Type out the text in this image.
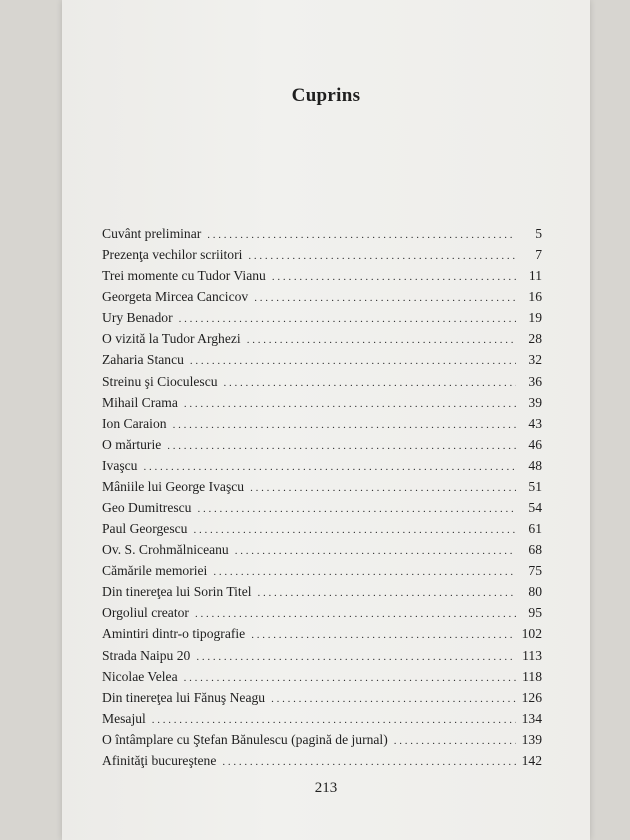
Cuprins
Cuvânt preliminar . . .	5
Prezenţa vechilor scriitori . . .	7
Trei momente cu Tudor Vianu . . .	11
Georgeta Mircea Cancicov . . .	16
Ury Benador . . .	19
O vizită la Tudor Arghezi . . .	28
Zaharia Stancu . . .	32
Streinu şi Cioculescu . . .	36
Mihail Crama . . .	39
Ion Caraion . . .	43
O mărturie . . .	46
Ivaşcu . . .	48
Mâniile lui George Ivaşcu . . .	51
Geo Dumitrescu . . .	54
Paul Georgescu . . .	61
Ov. S. Crohmălniceanu . . .	68
Cămările memoriei . . .	75
Din tinereţea lui Sorin Titel . . .	80
Orgoliul creator . . .	95
Amintiri dintr-o tipografie . . .	102
Strada Naipu 20 . . .	113
Nicolae Velea . . .	118
Din tinereţea lui Fănuş Neagu . . .	126
Mesajul . . .	134
O întâmplare cu Ştefan Bănulescu (pagină de jurnal) . . .	139
Afinităţi bucureştene . . .	142
213
